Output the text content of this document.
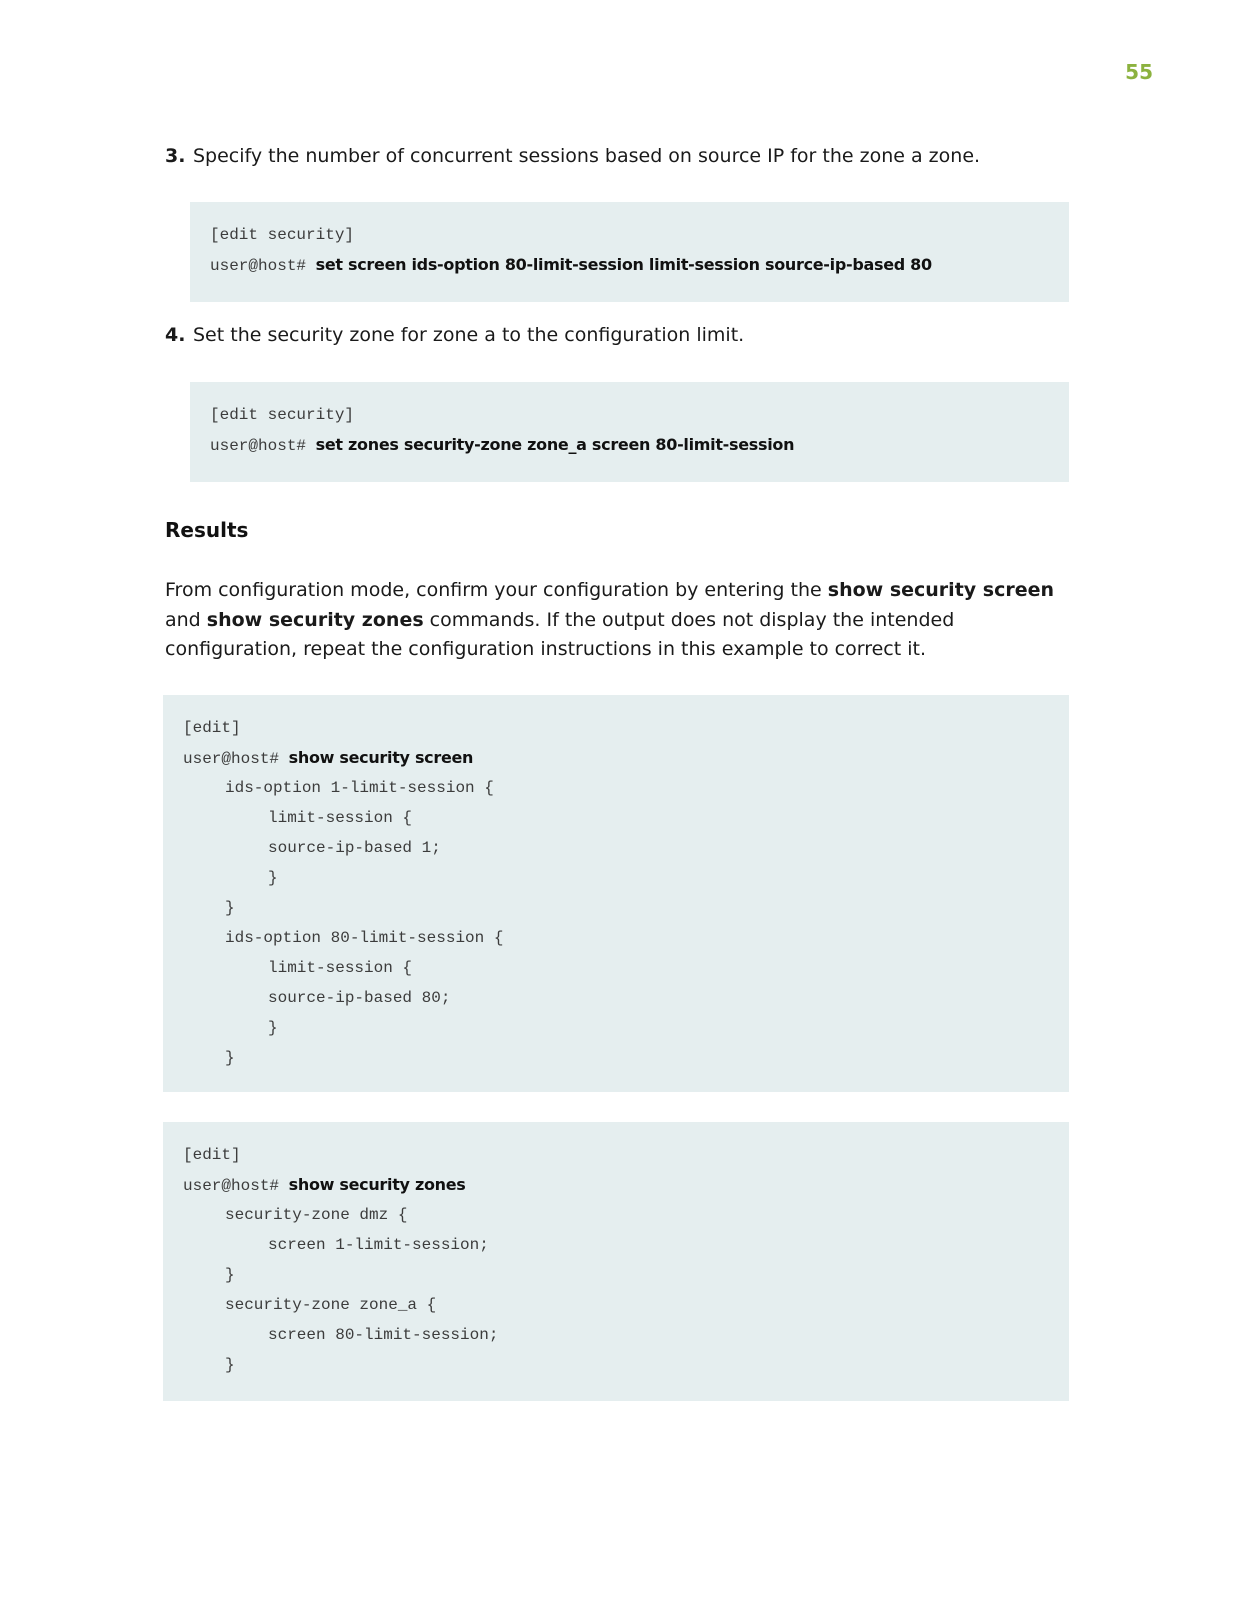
55
3. Specify the number of concurrent sessions based on source IP for the zone a zone.
[edit security]
user@host# set screen ids-option 80-limit-session limit-session source-ip-based 80
4. Set the security zone for zone a to the configuration limit.
[edit security]
user@host# set zones security-zone zone_a screen 80-limit-session
Results
From configuration mode, confirm your configuration by entering the show security screen and show security zones commands. If the output does not display the intended configuration, repeat the configuration instructions in this example to correct it.
[edit]
user@host# show security screen
ids-option 1-limit-session {
limit-session {
source-ip-based 1;
}
}
ids-option 80-limit-session {
limit-session {
source-ip-based 80;
}
}
[edit]
user@host# show security zones
security-zone dmz {
screen 1-limit-session;
}
security-zone zone_a {
screen 80-limit-session;
}
